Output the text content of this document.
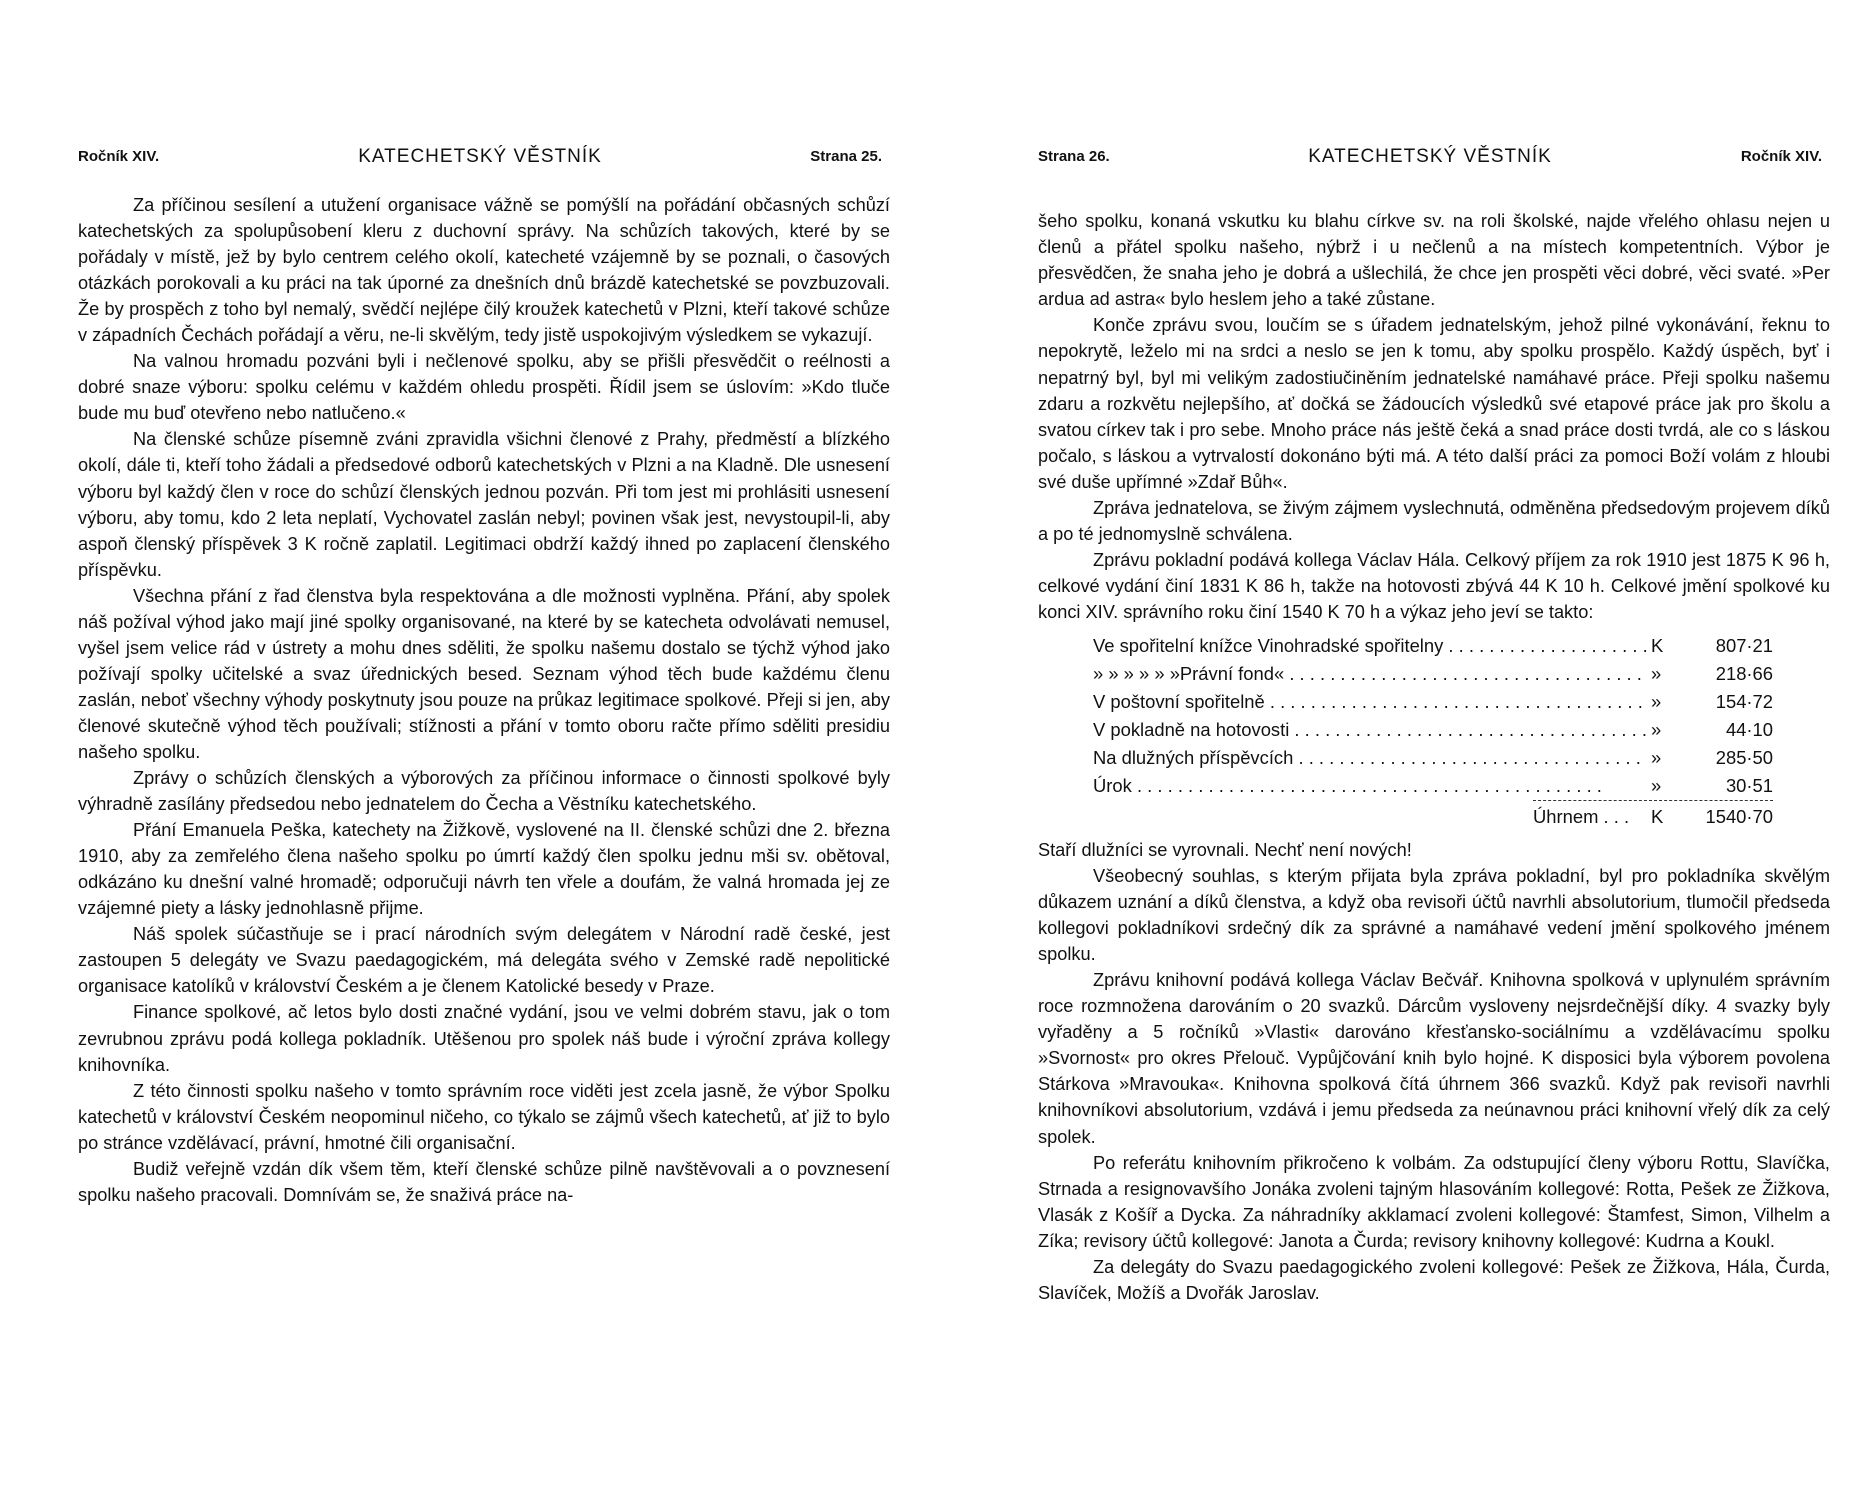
Ročník XIV.	KATECHETSKÝ VĚSTNÍK	Strana 25.

Za příčinou sesílení a utužení organisace vážně se pomýšlí na pořádání občasných schůzí katechetských za spolupůsobení kleru z duchovní správy. Na schůzích takových, které by se pořádaly v místě, jež by bylo centrem celého okolí, katecheté vzájemně by se poznali, o časových otázkách porokovali a ku práci na tak úporné za dnešních dnů brázdě katechetské se povzbuzovali. Že by prospěch z toho byl nemalý, svědčí nejlépe čilý kroužek katechetů v Plzni, kteří takové schůze v západních Čechách pořádají a věru, ne-li skvělým, tedy jistě uspokojivým výsledkem se vykazují.

Na valnou hromadu pozváni byli i nečlenové spolku, aby se přišli přesvědčit o reélnosti a dobré snaze výboru: spolku celému v každém ohledu prospěti. Řídil jsem se úslovím: »Kdo tluče bude mu buď otevřeno nebo natlučeno.«

Na členské schůze písemně zváni zpravidla všichni členové z Prahy, předměstí a blízkého okolí, dále ti, kteří toho žádali a předsedové odborů katechetských v Plzni a na Kladně. Dle usnesení výboru byl každý člen v roce do schůzí členských jednou pozván. Při tom jest mi prohlásiti usnesení výboru, aby tomu, kdo 2 leta neplatí, Vychovatel zaslán nebyl; povinen však jest, nevystoupil-li, aby aspoň členský příspěvek 3 K ročně zaplatil. Legitimaci obdrží každý ihned po zaplacení členského příspěvku.

Všechna přání z řad členstva byla respektována a dle možnosti vyplněna. Přání, aby spolek náš požíval výhod jako mají jiné spolky organisované, na které by se katecheta odvolávati nemusel, vyšel jsem velice rád v ústrety a mohu dnes sděliti, že spolku našemu dostalo se týchž výhod jako požívají spolky učitelské a svaz úřednických besed. Seznam výhod těch bude každému členu zaslán, neboť všechny výhody poskytnuty jsou pouze na průkaz legitimace spolkové. Přeji si jen, aby členové skutečně výhod těch používali; stížnosti a přání v tomto oboru račte přímo sděliti presidiu našeho spolku.

Zprávy o schůzích členských a výborových za příčinou informace o činnosti spolkové byly výhradně zasílány předsedou nebo jednatelem do Čecha a Věstníku katechetského.

Přání Emanuela Peška, katechety na Žižkově, vyslovené na II. členské schůzi dne 2. března 1910, aby za zemřelého člena našeho spolku po úmrtí každý člen spolku jednu mši sv. obětoval, odkázáno ku dnešní valné hromadě; odporučuji návrh ten vřele a doufám, že valná hromada jej ze vzájemné piety a lásky jednohlasně přijme.

Náš spolek súčastňuje se i prací národních svým delegátem v Národní radě české, jest zastoupen 5 delegáty ve Svazu paedagogickém, má delegáta svého v Zemské radě nepolitické organisace katolíků v království Českém a je členem Katolické besedy v Praze.

Finance spolkové, ač letos bylo dosti značné vydání, jsou ve velmi dobrém stavu, jak o tom zevrubnou zprávu podá kollega pokladník. Utěšenou pro spolek náš bude i výroční zpráva kollegy knihovníka.

Z této činnosti spolku našeho v tomto správním roce viděti jest zcela jasně, že výbor Spolku katechetů v království Českém neopominul ničeho, co týkalo se zájmů všech katechetů, ať již to bylo po stránce vzdělávací, právní, hmotné čili organisační.

Budiž veřejně vzdán dík všem těm, kteří členské schůze pilně navštěvovali a o povznesení spolku našeho pracovali. Domnívám se, že snaživá práce na-

Strana 26.	KATECHETSKÝ VĚSTNÍK	Ročník XIV.

šeho spolku, konaná vskutku ku blahu církve sv. na roli školské, najde vřelého ohlasu nejen u členů a přátel spolku našeho, nýbrž i u nečlenů a na místech kompetentních. Výbor je přesvědčen, že snaha jeho je dobrá a ušlechilá, že chce jen prospěti věci dobré, věci svaté. »Per ardua ad astra« bylo heslem jeho a také zůstane.

Konče zprávu svou, loučím se s úřadem jednatelským, jehož pilné vykonávání, řeknu to nepokrytě, leželo mi na srdci a neslo se jen k tomu, aby spolku prospělo. Každý úspěch, byť i nepatrný byl, byl mi velikým zadostiučiněním jednatelské namáhavé práce. Přeji spolku našemu zdaru a rozkvětu nejlepšího, ať dočká se žádoucích výsledků své etapové práce jak pro školu a svatou církev tak i pro sebe. Mnoho práce nás ještě čeká a snad práce dosti tvrdá, ale co s láskou počalo, s láskou a vytrvalostí dokonáno býti má. A této další práci za pomoci Boží volám z hloubi své duše upřímné »Zdař Bůh«.

Zpráva jednatelova, se živým zájmem vyslechnutá, odměněna předsedovým projevem díků a po té jednomyslně schválena.

Zprávu pokladní podává kollega Václav Hála. Celkový příjem za rok 1910 jest 1875 K 96 h, celkové vydání činí 1831 K 86 h, takže na hotovosti zbývá 44 K 10 h. Celkové jmění spolkové ku konci XIV. správního roku činí 1540 K 70 h a výkaz jeho jeví se takto:

Ve spořitelní knížce Vinohradské spořitelny . . .	K	807·21
» » » » » »Právní fond« . . .	»	218·66
V poštovní spořitelně . . .	»	154·72
V pokladně na hotovosti . . .	»	44·10
Na dlužných příspěvcích . . .	»	285·50
Úrok . . .	»	30·51
Úhrnem . . .	K	1540·70

Staří dlužníci se vyrovnali. Nechť není nových!

Všeobecný souhlas, s kterým přijata byla zpráva pokladní, byl pro pokladníka skvělým důkazem uznání a díků členstva, a když oba revisoři účtů navrhli absolutorium, tlumočil předseda kollegovi pokladníkovi srdečný dík za správné a namáhavé vedení jmění spolkového jménem spolku.

Zprávu knihovní podává kollega Václav Bečvář. Knihovna spolková v uplynulém správním roce rozmnožena darováním o 20 svazků. Dárcům vysloveny nejsrdečnější díky. 4 svazky byly vyřaděny a 5 ročníků »Vlasti« darováno křesťansko-sociálnímu a vzdělávacímu spolku »Svornost« pro okres Přelouč. Vypůjčování knih bylo hojné. K disposici byla výborem povolena Stárkova »Mravouka«. Knihovna spolková čítá úhrnem 366 svazků. Když pak revisoři navrhli knihovníkovi absolutorium, vzdává i jemu předseda za neúnavnou práci knihovní vřelý dík za celý spolek.

Po referátu knihovním přikročeno k volbám. Za odstupující členy výboru Rottu, Slavíčka, Strnada a resignovavšího Jonáka zvoleni tajným hlasováním kollegové: Rotta, Pešek ze Žižkova, Vlasák z Košíř a Dycka. Za náhradníky akklamací zvoleni kollegové: Štamfest, Simon, Vilhelm a Zíka; revisory účtů kollegové: Janota a Čurda; revisory knihovny kollegové: Kudrna a Koukl.

Za delegáty do Svazu paedagogického zvoleni kollegové: Pešek ze Žižkova, Hála, Čurda, Slavíček, Možíš a Dvořák Jaroslav.
